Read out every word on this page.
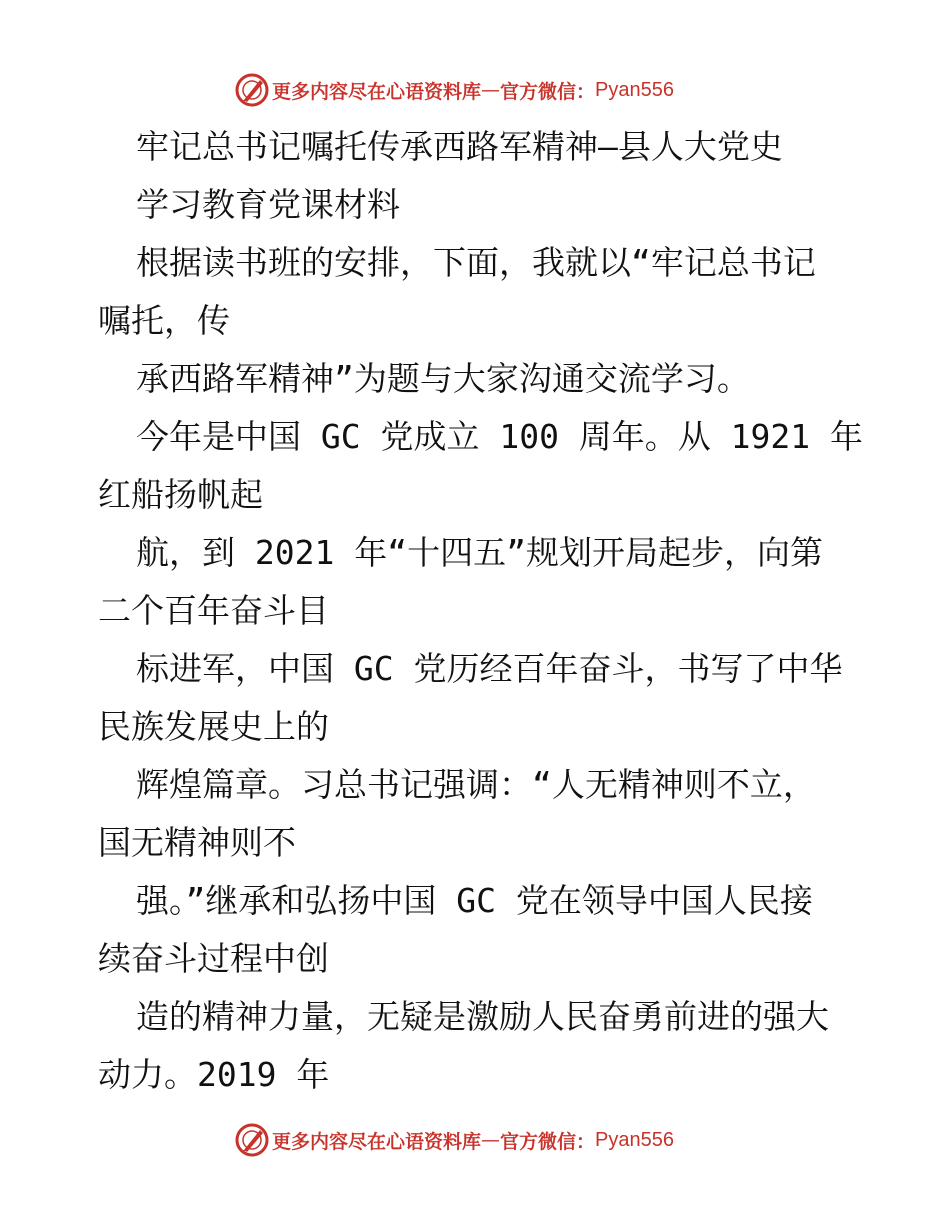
更多内容尽在心语资料库 — 官方微信： Pyan556
牢记总书记嘱托传承西路军精神—县人大党史
学习教育党课材料
根据读书班的安排，下面，我就以“牢记总书记
嘱托，传
承西路军精神”为题与大家沟通交流学习。
今年是中国 GC 党成立 100 周年。从 1921 年
红船扬帆起
航，到 2021 年“十四五”规划开局起步，向第
二个百年奋斗目
标进军，中国 GC 党历经百年奋斗，书写了中华
民族发展史上的
辉煌篇章。习总书记强调：“人无精神则不立，
国无精神则不
强。”继承和弘扬中国 GC 党在领导中国人民接
续奋斗过程中创
造的精神力量，无疑是激励人民奋勇前进的强大
动力。2019 年
更多内容尽在心语资料库 — 官方微信： Pyan556
